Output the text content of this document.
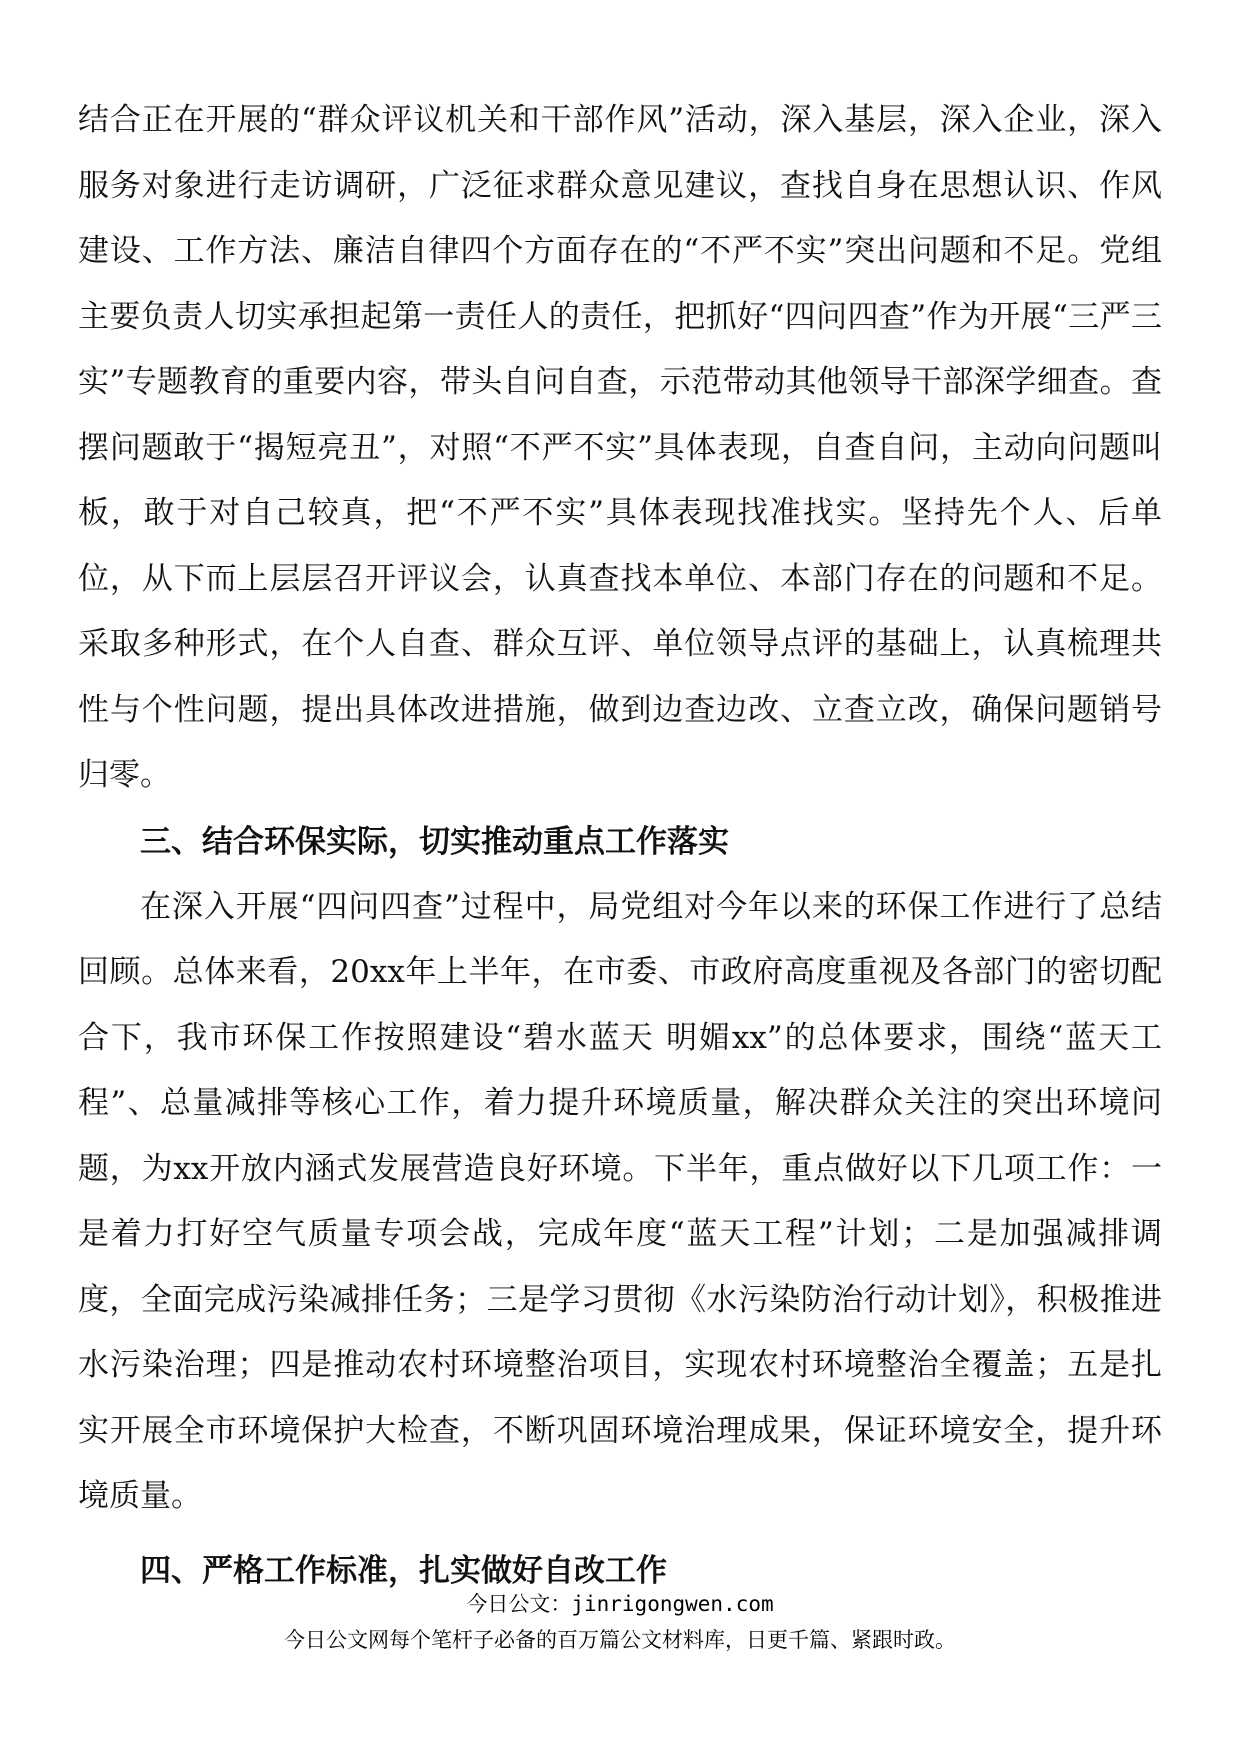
结合正在开展的“群众评议机关和干部作风”活动，深入基层，深入企业，深入服务对象进行走访调研，广泛征求群众意见建议，查找自身在思想认识、作风建设、工作方法、廉洁自律四个方面存在的“不严不实”突出问题和不足。党组主要负责人切实承担起第一责任人的责任，把抓好“四问四查”作为开展“三严三实”专题教育的重要内容，带头自问自查，示范带动其他领导干部深学细查。查摆问题敢于“揭短亮丑”，对照“不严不实”具体表现，自查自问，主动向问题叫板，敢于对自己较真，把“不严不实”具体表现找准找实。坚持先个人、后单位，从下而上层层召开评议会，认真查找本单位、本部门存在的问题和不足。采取多种形式，在个人自查、群众互评、单位领导点评的基础上，认真梳理共性与个性问题，提出具体改进措施，做到边查边改、立查立改，确保问题销号归零。

三、结合环保实际，切实推动重点工作落实

在深入开展“四问四查”过程中，局党组对今年以来的环保工作进行了总结回顾。总体来看，20xx年上半年，在市委、市政府高度重视及各部门的密切配合下，我市环保工作按照建设“碧水蓝天 明媚xx”的总体要求，围绕“蓝天工程”、总量减排等核心工作，着力提升环境质量，解决群众关注的突出环境问题，为xx开放内涵式发展营造良好环境。下半年，重点做好以下几项工作：一是着力打好空气质量专项会战，完成年度“蓝天工程”计划；二是加强减排调度，全面完成污染减排任务；三是学习贯彻《水污染防治行动计划》，积极推进水污染治理；四是推动农村环境整治项目，实现农村环境整治全覆盖；五是扎实开展全市环境保护大检查，不断巩固环境治理成果，保证环境安全，提升环境质量。

四、严格工作标准，扎实做好自改工作

今日公文：jinrigongwen.com
今日公文网每个笔杆子必备的百万篇公文材料库，日更千篇、紧跟时政。
